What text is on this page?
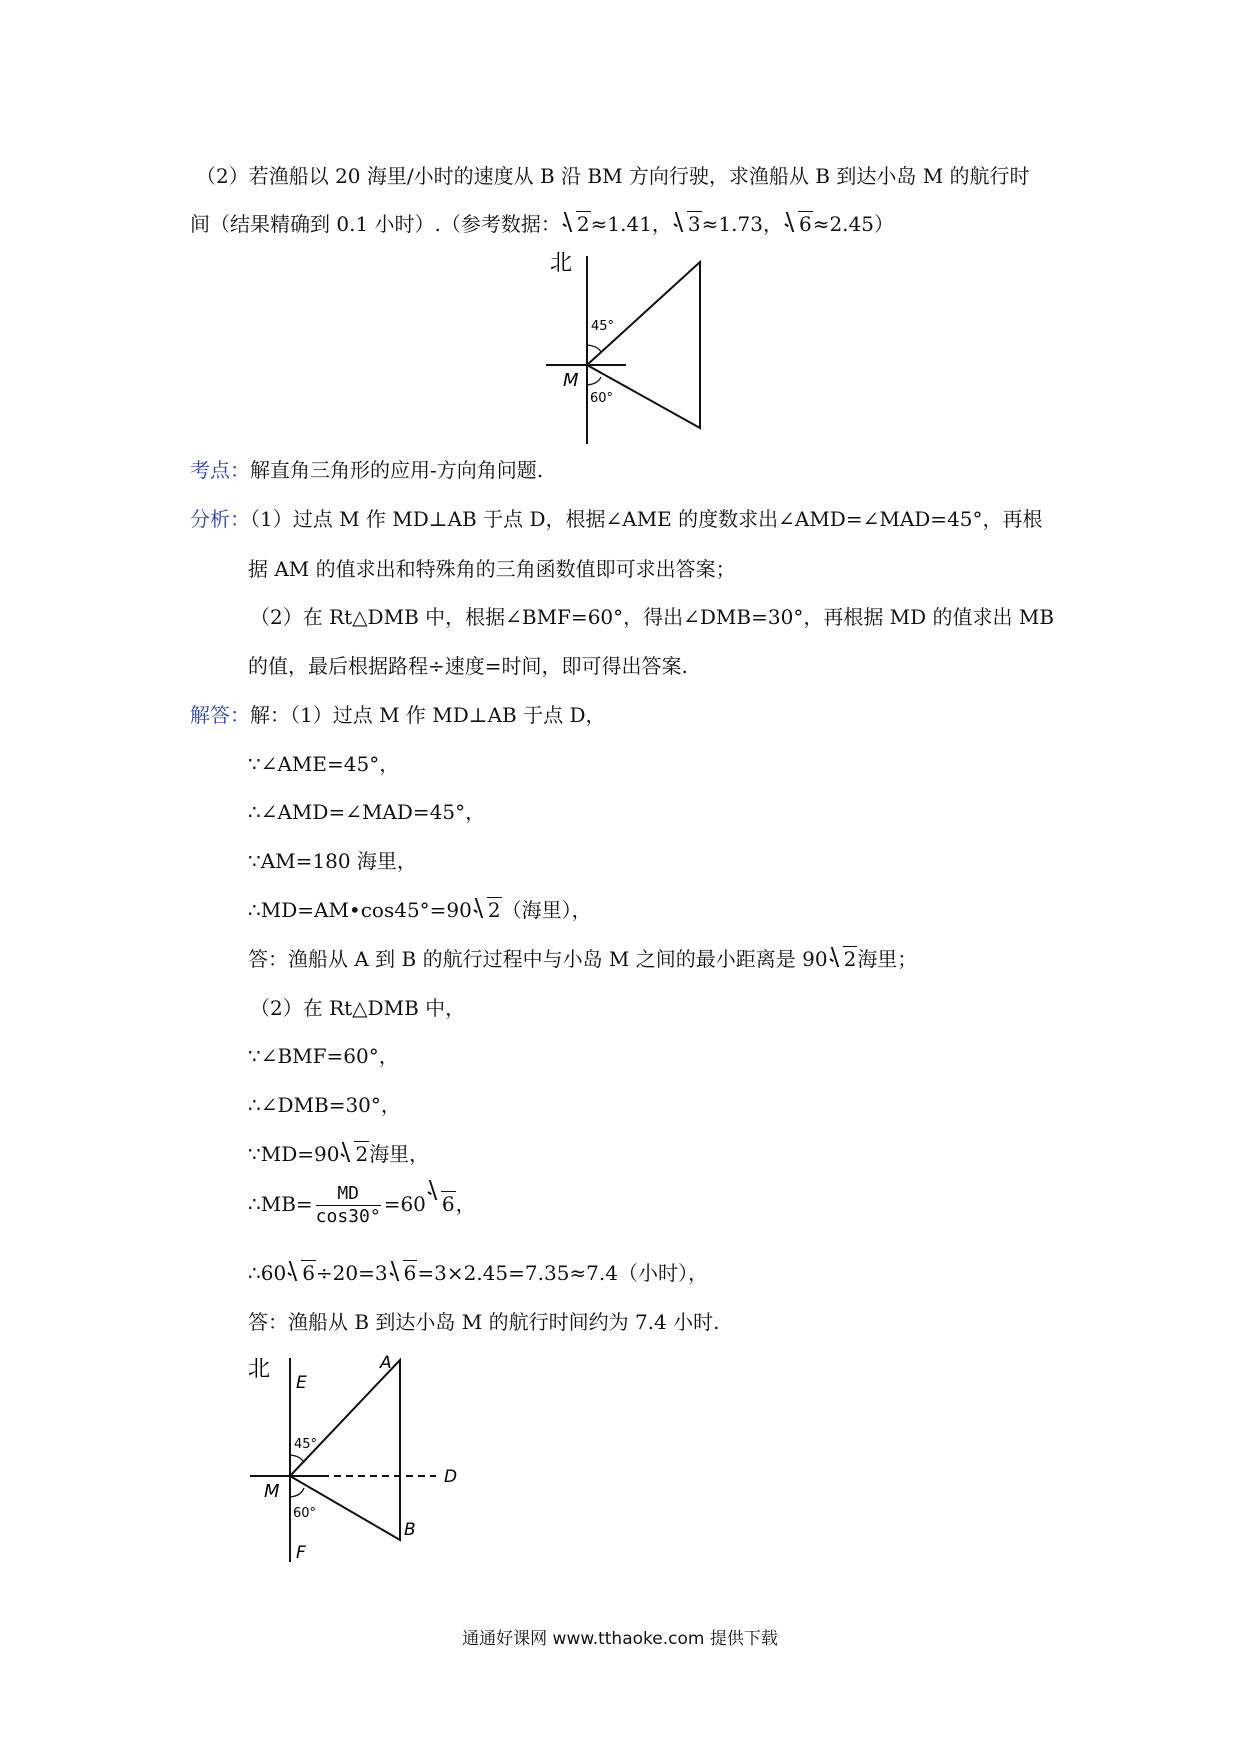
（2）若渔船以 20 海里/小时的速度从 B 沿 BM 方向行驶，求渔船从 B 到达小岛 M 的航行时
间（结果精确到 0.1 小时）.（参考数据： 2≈1.41， 3≈1.73， 6≈2.45）
北
45°
60°
M
考点：解直角三角形的应用-方向角问题.
分析：（1）过点 M 作 MD⊥AB 于点 D，根据∠AME 的度数求出∠AMD=∠MAD=45°，再根
据 AM 的值求出和特殊角的三角函数值即可求出答案；
（2）在 Rt△DMB 中，根据∠BMF=60°，得出∠DMB=30°，再根据 MD 的值求出 MB
的值，最后根据路程÷速度=时间，即可得出答案.
解答：解：（1）过点 M 作 MD⊥AB 于点 D，
∵∠AME=45°，
∴∠AMD=∠MAD=45°，
∵AM=180 海里，
∴MD=AM•cos45°=90 2（海里），
答：渔船从 A 到 B 的航行过程中与小岛 M 之间的最小距离是 90 2海里；
（2）在 Rt△DMB 中，
∵∠BMF=60°，
∴∠DMB=30°，
∵MD=90 2海里，
∴MB= $\frac{MD}{\cos 30^\circ} =60$ 6，
∴60 6÷20=3 6=3×2.45=7.35≈7.4（小时），
答：渔船从 B 到达小岛 M 的航行时间约为 7.4 小时.
北
45°
60°
E
A
D
M
B
F
通通好课网 www.tthaoke.com 提供下载
